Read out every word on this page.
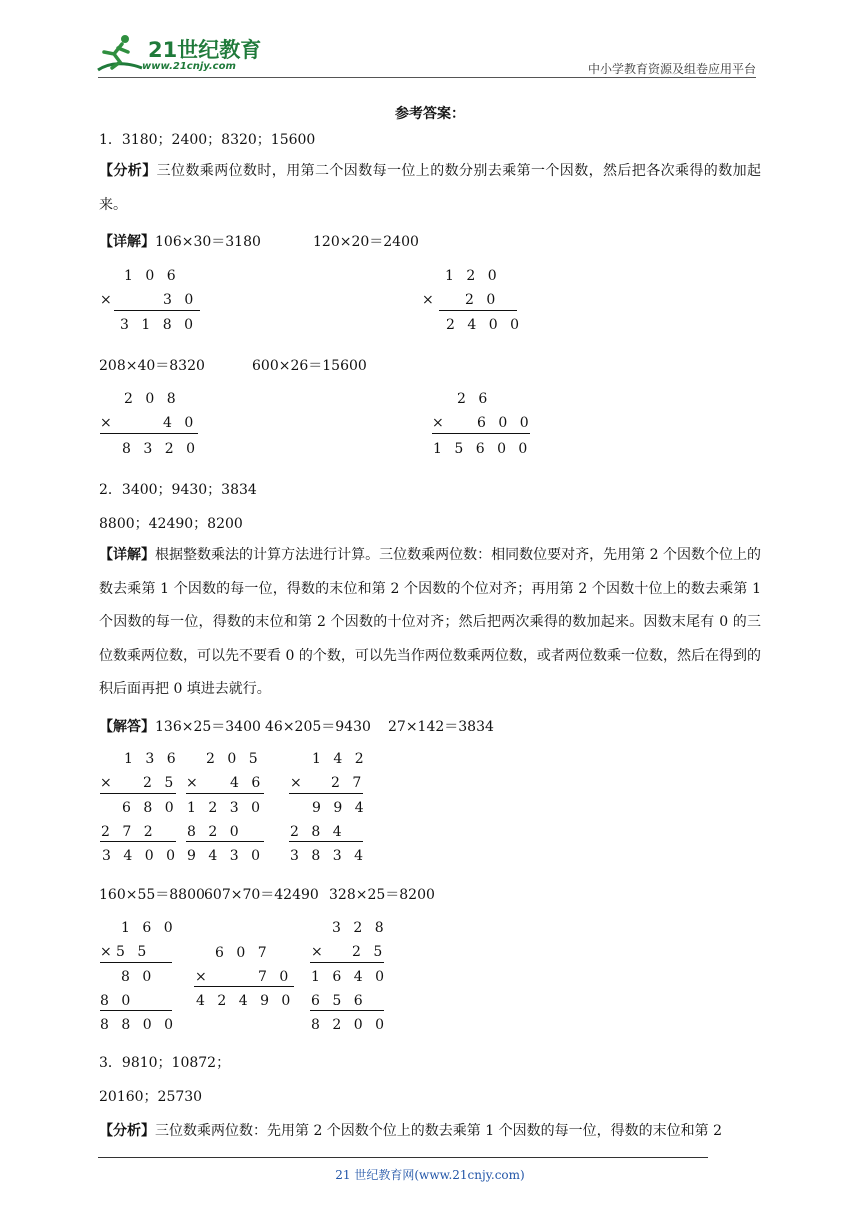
21世纪教育
www.21cnjy.com	中小学教育资源及组卷应用平台
参考答案：
1．3180；2400；8320；15600
【分析】三位数乘两位数时，用第二个因数每一位上的数分别去乘第一个因数，然后把各次乘得的数加起来。
【详解】106×30＝3180	120×20＝2400
208×40＝8320	600×26＝15600
2．3400；9430；3834
8800；42490；8200
【详解】根据整数乘法的计算方法进行计算。三位数乘两位数：相同数位要对齐，先用第 2 个因数个位上的数去乘第 1 个因数的每一位，得数的末位和第 2 个因数的个位对齐；再用第 2 个因数十位上的数去乘第 1 个因数的每一位，得数的末位和第 2 个因数的十位对齐；然后把两次乘得的数加起来。因数末尾有 0 的三位数乘两位数，可以先不要看 0 的个数，可以先当作两位数乘两位数，或者两位数乘一位数，然后在得到的积后面再把 0 填进去就行。
【解答】136×25＝3400 46×205＝9430 27×142＝3834
160×55＝8800 607×70＝42490 328×25＝8200
3．9810；10872；
20160；25730
【分析】三位数乘两位数：先用第 2 个因数个位上的数去乘第 1 个因数的每一位，得数的末位和第 2
1 0 6
×	3 0
3 1 8 0
1 2 0
× 2 0
2 4 0 0
2 0 8
×	4 0
8 3 2 0
2 6
× 6 0 0
1 5 6 0 0
1 3 6
× 2 5
6 8 0
2 7 2
3 4 0 0
2 0 5
× 4 6
1 2 3 0
8 2 0
9 4 3 0
1 4 2
× 2 7
9 9 4
2 8 4
3 8 3 4
1 6 0
× 5 5
8 0
8 0
8 8 0 0
6 0 7
×	7 0
4 2 4 9 0
3 2 8
× 2 5
1 6 4 0
6 5 6
8 2 0 0
21 世纪教育网(www.21cnjy.com)
